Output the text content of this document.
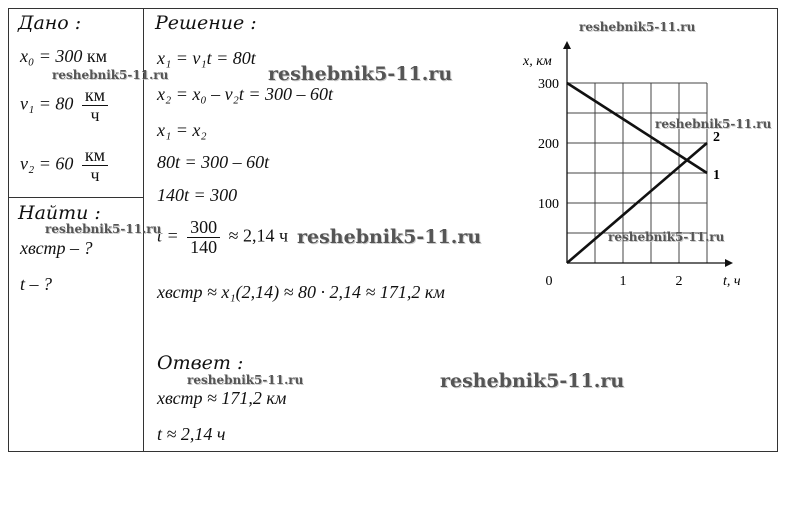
Дано :
x₀ = 300 км
$v_1 = 80 \frac{км}{ч}$
$v_2 = 60 \frac{км}{ч}$
Найти :
xвстр – ?
t – ?
Решение :
x₁ = v₁t = 80t
x₂ = x₀ – v₂t = 300 – 60t
x₁ = x₂
80t = 300 – 60t
140t = 300
$t = \frac{300}{140} \approx 2,14$ ч
xвстр ≈ x₁(2,14) ≈ 80 · 2,14 ≈ 171,2 км
Ответ :
xвстр ≈ 171,2 км
t ≈ 2,14 ч
100
200
300
0	1	2
x, км
t, ч
1
2
reshebnik5-11.ru
reshebnik5-11.ru
reshebnik5-11.ru
reshebnik5-11.ru
reshebnik5-11.ru	reshebnik5-11.ru	reshebnik5-11.ru
reshebnik5-11.ru	reshebnik5-11.ru
